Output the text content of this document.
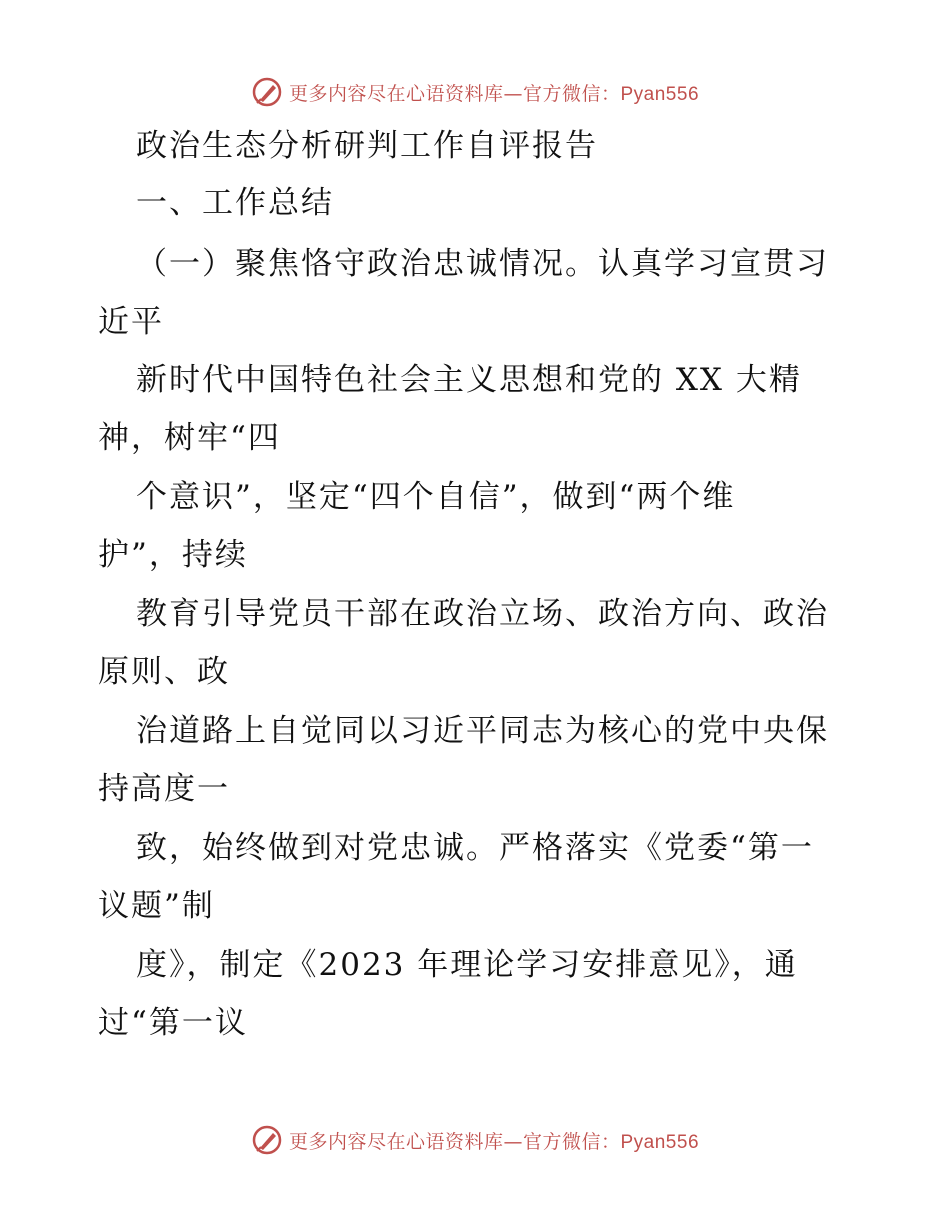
更多内容尽在心语资料库—官方微信：Pyan556
政治生态分析研判工作自评报告
一、工作总结
（一）聚焦恪守政治忠诚情况。认真学习宣贯习
近平
新时代中国特色社会主义思想和党的 XX 大精
神，树牢“四
个意识”，坚定“四个自信”，做到“两个维
护”，持续
教育引导党员干部在政治立场、政治方向、政治
原则、政
治道路上自觉同以习近平同志为核心的党中央保
持高度一
致，始终做到对党忠诚。严格落实《党委“第一
议题”制
度》，制定《2023 年理论学习安排意见》，通
过“第一议
更多内容尽在心语资料库—官方微信：Pyan556
